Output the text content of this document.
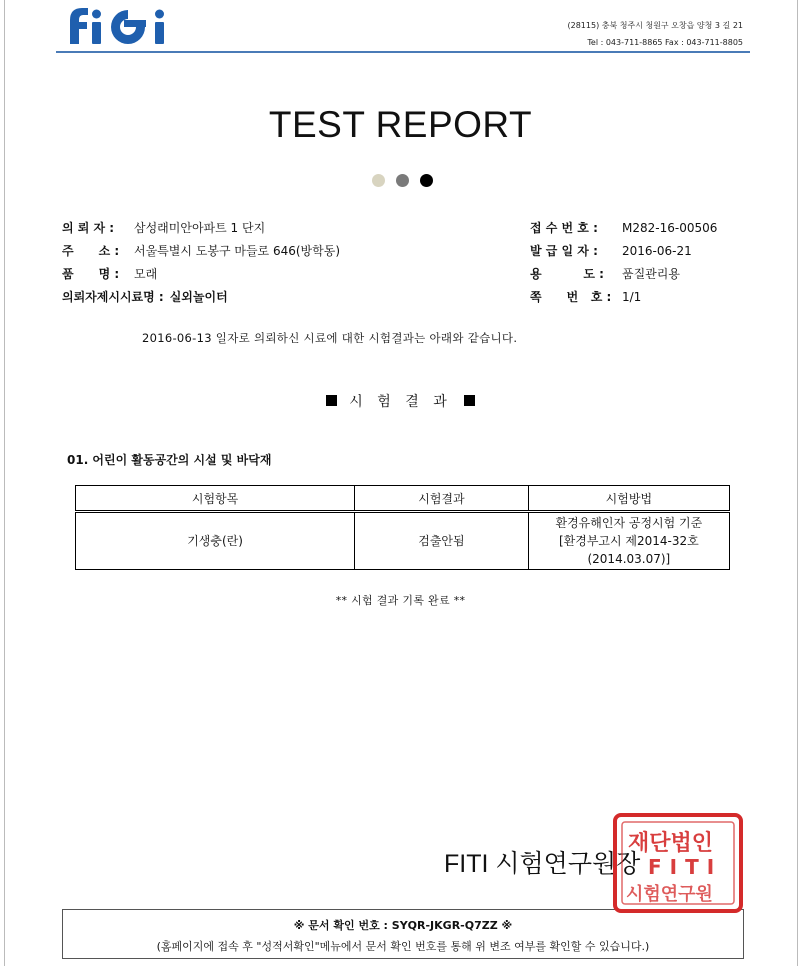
(28115) 충북 청주시 청원구 오창읍 양청 3 길 21
Tel : 043-711-8865 Fax : 043-711-8805
TEST REPORT
의 뢰 자 :	삼성래미안아파트 1 단지
주      소 :	서울특별시 도봉구 마들로 646(방학동)
품      명 :	모래
의뢰자제시시료명 : 실외놀이터
접 수 번 호 :	M282-16-00506
발 급 일 자 :	2016-06-21
용          도 :	품질관리용
쪽      번   호 : 1/1
2016-06-13 일자로 의뢰하신 시료에 대한 시험결과는 아래와 같습니다.
시 험 결 과
01. 어린이 활동공간의 시설 및 바닥재
시험항목	시험결과	시험방법
기생충(란)	검출안됨	환경유해인자 공정시험 기준
[환경부고시 제2014-32호
(2014.03.07)]
** 시험 결과 기록 완료 **
FITI 시험연구원장
재단법인
FITI
시험연구원
※ 문서 확인 번호 : SYQR-JKGR-Q7ZZ ※
(홈페이지에 접속 후 "성적서확인"메뉴에서 문서 확인 번호를 통해 위 변조 여부를 확인할 수 있습니다.)
